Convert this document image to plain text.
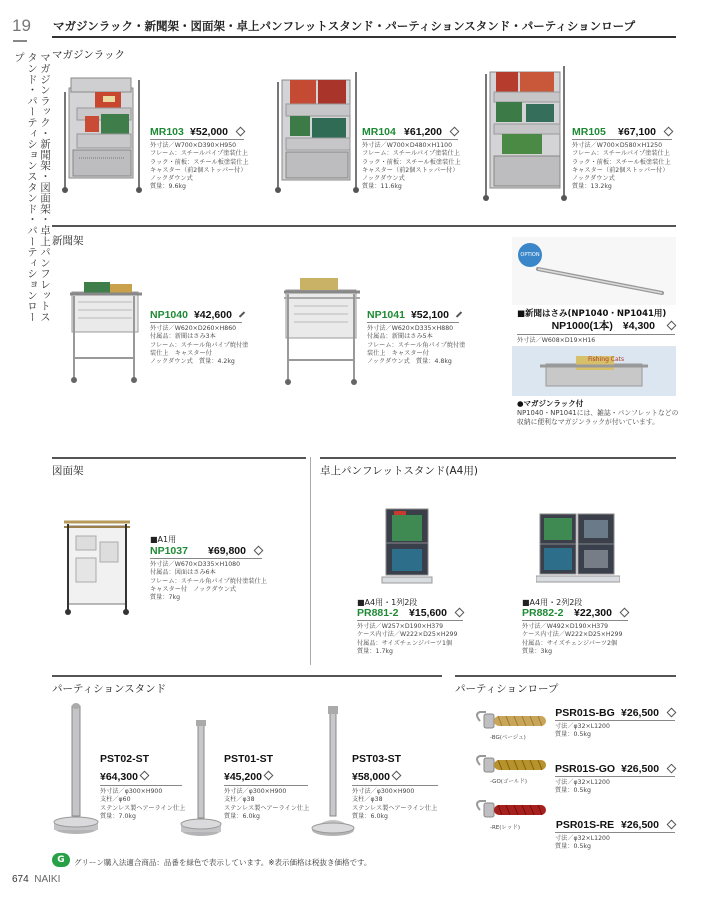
19
マガジンラック・新聞架・図面架・卓上パンフレットスタンド・パーティションスタンド・パーティションロープ
マガジンラック・新聞架・図面架・卓上パンフレットスタンド・パーティションスタンド・パーティションロープ
マガジンラック
MR103 ¥52,000
外寸法／W700×D390×H950
フレーム：スチールパイプ塗装仕上
ラック・前板：スチール板塗装仕上
キャスター（前2個ストッパー付）
ノックダウン式
質量：9.6kg
MR104 ¥61,200
外寸法／W700×D480×H1100
フレーム：スチールパイプ塗装仕上
ラック・前板：スチール板塗装仕上
キャスター（前2個ストッパー付）
ノックダウン式
質量：11.6kg
MR105 ¥67,100
外寸法／W700×D580×H1250
フレーム：スチールパイプ塗装仕上
ラック・前板：スチール板塗装仕上
キャスター（前2個ストッパー付）
ノックダウン式
質量：13.2kg
新聞架
NP1040 ¥42,600
外寸法／W620×D260×H860
付属品：新聞はさみ3本
フレーム：スチール角パイプ焼付塗
装仕上　キャスター付
ノックダウン式　質量：4.2kg
NP1041 ¥52,100
外寸法／W620×D335×H880
付属品：新聞はさみ5本
フレーム：スチール角パイプ焼付塗
装仕上　キャスター付
ノックダウン式　質量：4.8kg
OPTION
■新聞はさみ(NP1040・NP1041用)
NP1000(1本) ¥4,300
外寸法／W608×D19×H16
Fishing Cats
●マガジンラック付
NP1040・NP1041には、雑誌・パンフレットなどの
収納に便利なマガジンラックが付いています。
図面架
■A1用
NP1037 ¥69,800
外寸法／W670×D335×H1080
付属品：図面はさみ6本
フレーム：スチール角パイプ焼付塗装仕上
キャスター付　ノックダウン式
質量：7kg
卓上パンフレットスタンド(A4用)
■A4用・1列2段
PR881-2 ¥15,600
外寸法／W257×D190×H379
ケース内寸法／W222×D25×H299
付属品：サイズチェンジパーツ1個
質量：1.7kg
■A4用・2列2段
PR882-2 ¥22,300
外寸法／W492×D190×H379
ケース内寸法／W222×D25×H299
付属品：サイズチェンジパーツ2個
質量：3kg
パーティションスタンド
PST02-ST
¥64,300
外寸法／φ300×H900
支柱／φ60
ステンレス製ヘアーライン仕上
質量：7.0kg
PST01-ST
¥45,200
外寸法／φ300×H900
支柱／φ38
ステンレス製ヘアーライン仕上
質量：6.0kg
PST03-ST
¥58,000
外寸法／φ300×H900
支柱／φ38
ステンレス製ヘアーライン仕上
質量：6.0kg
パーティションロープ
-BG(ベージュ)
PSR01S-BG ¥26,500
寸法／φ32×L1200
質量：0.5kg
-GO(ゴールド)
PSR01S-GO ¥26,500
寸法／φ32×L1200
質量：0.5kg
-RE(レッド)	PSR01S-RE ¥26,500
寸法／φ32×L1200
質量：0.5kg
G	グリーン購入法適合商品：品番を緑色で表示しています。※表示価格は税抜き価格です。
674 NAIKI
